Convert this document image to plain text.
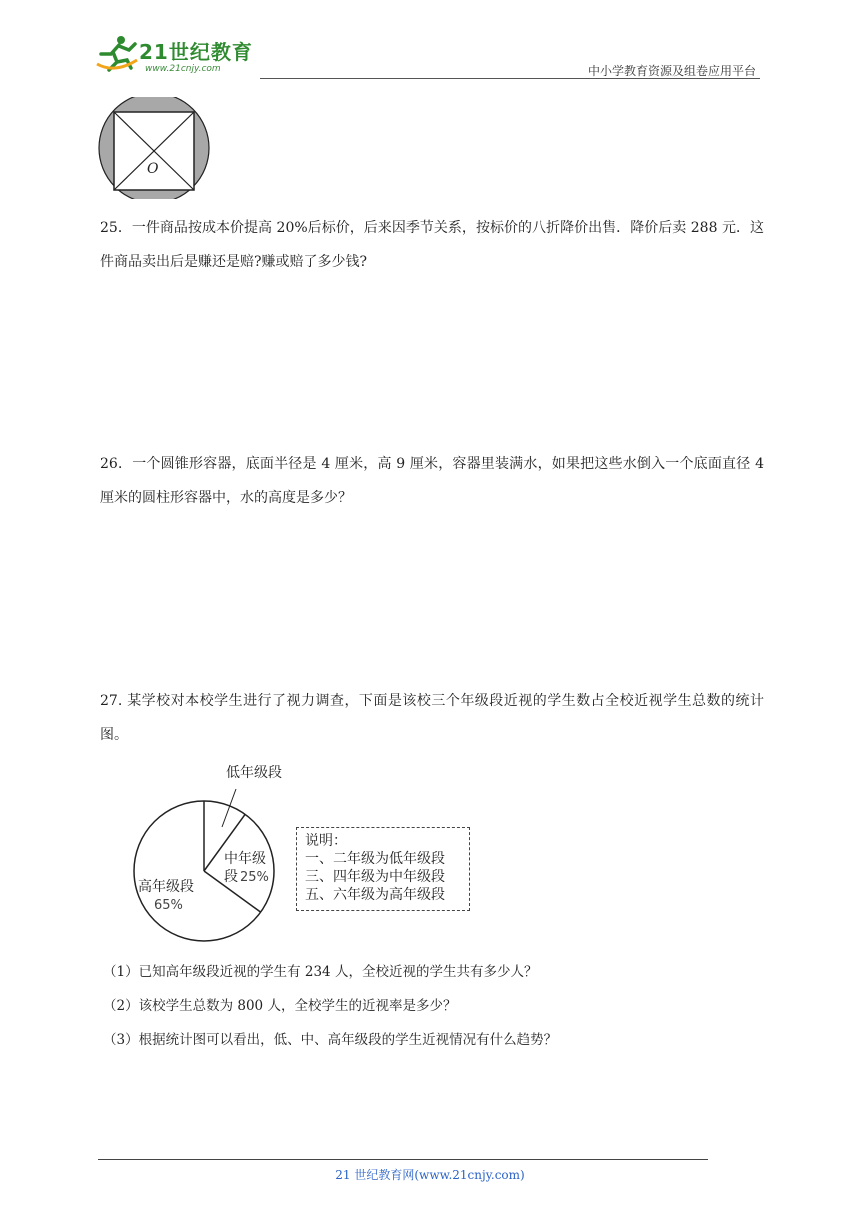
21世纪教育
www.21cnjy.com	中小学教育资源及组卷应用平台
O
25．一件商品按成本价提高 20%后标价，后来因季节关系，按标价的八折降价出售．降价后卖 288 元．这件商品卖出后是赚还是赔?赚或赔了多少钱?
26．一个圆锥形容器，底面半径是 4 厘米，高 9 厘米，容器里装满水，如果把这些水倒入一个底面直径 4 厘米的圆柱形容器中，水的高度是多少？
27. 某学校对本校学生进行了视力调查，下面是该校三个年级段近视的学生数占全校近视学生总数的统计图。
低年级段
中年级
段 25%
高年级段
65%
说明：
一、二年级为低年级段
三、四年级为中年级段
五、六年级为高年级段
（1）已知高年级段近视的学生有 234 人，全校近视的学生共有多少人？
（2）该校学生总数为 800 人，全校学生的近视率是多少？
（3）根据统计图可以看出，低、中、高年级段的学生近视情况有什么趋势？
21 世纪教育网(www.21cnjy.com)
